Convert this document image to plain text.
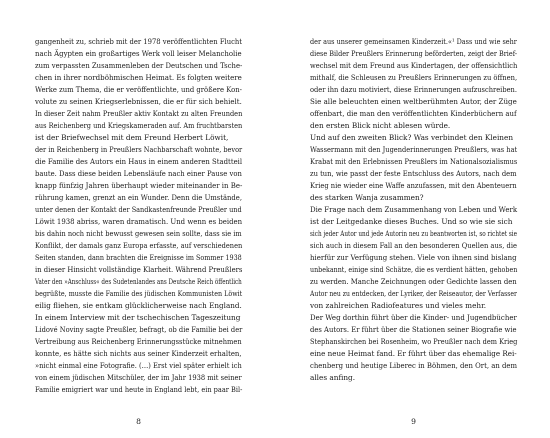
gangenheit zu, schrieb mit der 1978 veröffentlichten Flucht
nach Ägypten ein großartiges Werk voll leiser Melancholie
zum verpassten Zusammenleben der Deutschen und Tsche-
chen in ihrer nordböhmischen Heimat. Es folgten weitere
Werke zum Thema, die er veröffentlichte, und größere Kon-
volute zu seinen Kriegserlebnissen, die er für sich behielt.
In dieser Zeit nahm Preußler aktiv Kontakt zu alten Freunden
aus Reichenberg und Kriegskameraden auf. Am fruchtbarsten
ist der Briefwechsel mit dem Freund Herbert Löwit,
der in Reichenberg in Preußlers Nachbarschaft wohnte, bevor
die Familie des Autors ein Haus in einem anderen Stadtteil
baute. Dass diese beiden Lebensläufe nach einer Pause von
knapp fünfzig Jahren überhaupt wieder miteinander in Be-
rührung kamen, grenzt an ein Wunder. Denn die Umstände,
unter denen der Kontakt der Sandkastenfreunde Preußler und
Löwit 1938 abriss, waren dramatisch. Und wenn es beiden
bis dahin noch nicht bewusst gewesen sein sollte, dass sie im
Konflikt, der damals ganz Europa erfasste, auf verschiedenen
Seiten standen, dann brachten die Ereignisse im Sommer 1938
in dieser Hinsicht vollständige Klarheit. Während Preußlers
Vater den »Anschluss« des Sudetenlandes ans Deutsche Reich öffentlich
begrüßte, musste die Familie des jüdischen Kommunisten Löwit
eilig fliehen, sie entkam glücklicherweise nach England.
In einem Interview mit der tschechischen Tageszeitung
Lidové Noviny sagte Preußler, befragt, ob die Familie bei der
Vertreibung aus Reichenberg Erinnerungsstücke mitnehmen
konnte, es hätte sich nichts aus seiner Kinderzeit erhalten,
»nicht einmal eine Fotografie. (…) Erst viel später erhielt ich
von einem jüdischen Mitschüler, der im Jahr 1938 mit seiner
Familie emigriert war und heute in England lebt, ein paar Bil-
8
der aus unserer gemeinsamen Kinderzeit.«¹ Dass und wie sehr
diese Bilder Preußlers Erinnerung beförderten, zeigt der Brief-
wechsel mit dem Freund aus Kindertagen, der offensichtlich
mithalf, die Schleusen zu Preußlers Erinnerungen zu öffnen,
oder ihn dazu motiviert, diese Erinnerungen aufzuschreiben.
Sie alle beleuchten einen weltberühmten Autor, der Züge
offenbart, die man den veröffentlichten Kinderbüchern auf
den ersten Blick nicht ablesen würde.
Und auf den zweiten Blick? Was verbindet den Kleinen
Wassermann mit den Jugenderinnerungen Preußlers, was hat
Krabat mit den Erlebnissen Preußlers im Nationalsozialismus
zu tun, wie passt der feste Entschluss des Autors, nach dem
Krieg nie wieder eine Waffe anzufassen, mit den Abenteuern
des starken Wanja zusammen?
Die Frage nach dem Zusammenhang von Leben und Werk
ist der Leitgedanke dieses Buches. Und so wie sie sich
sich jeder Autor und jede Autorin neu zu beantworten ist, so richtet sie
sich auch in diesem Fall an den besonderen Quellen aus, die
hierfür zur Verfügung stehen. Viele von ihnen sind bislang
unbekannt, einige sind Schätze, die es verdient hätten, gehoben
zu werden. Manche Zeichnungen oder Gedichte lassen den
Autor neu zu entdecken, der Lyriker, der Reiseautor, der Verfasser
von zahlreichen Radiofeatures und vieles mehr.
Der Weg dorthin führt über die Kinder- und Jugendbücher
des Autors. Er führt über die Stationen seiner Biografie wie
Stephanskirchen bei Rosenheim, wo Preußler nach dem Krieg
eine neue Heimat fand. Er führt über das ehemalige Rei-
chenberg und heutige Liberec in Böhmen, den Ort, an dem
alles anfing.
9
